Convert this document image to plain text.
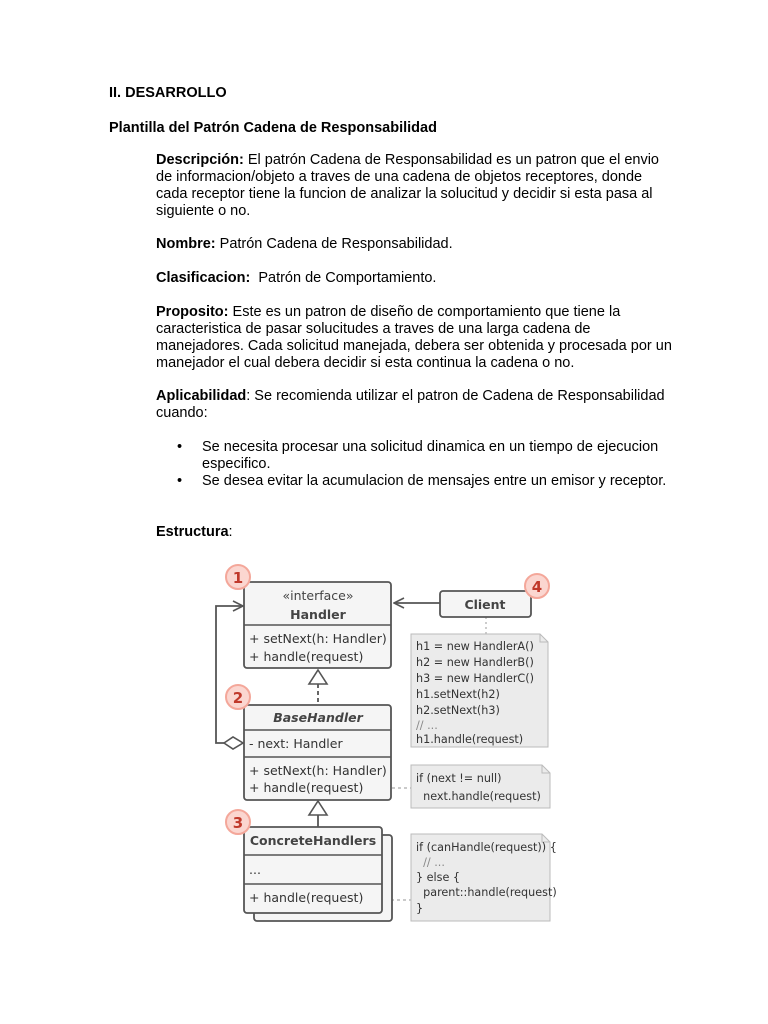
II. DESARROLLO
Plantilla del Patrón Cadena de Responsabilidad
Descripción: El patrón Cadena de Responsabilidad es un patron que el envio de informacion/objeto a traves de una cadena de objetos receptores, donde cada receptor tiene la funcion de analizar la solucitud y decidir si esta pasa al siguiente o no.
Nombre: Patrón Cadena de Responsabilidad.
Clasificacion:  Patrón de Comportamiento.
Proposito: Este es un patron de diseño de comportamiento que tiene la caracteristica de pasar solucitudes a traves de una larga cadena de manejadores. Cada solicitud manejada, debera ser obtenida y procesada por un manejador el cual debera decidir si esta continua la cadena o no.
Aplicabilidad: Se recomienda utilizar el patron de Cadena de Responsabilidad cuando:
• Se necesita procesar una solicitud dinamica en un tiempo de ejecucion especifico.
• Se desea evitar la acumulacion de mensajes entre un emisor y receptor.
Estructura:
«interface»
Handler
+ setNext(h: Handler)
+ handle(request)
BaseHandler
- next: Handler
+ setNext(h: Handler)
+ handle(request)
ConcreteHandlers
...
+ handle(request)
Client
h1 = new HandlerA()
h2 = new HandlerB()
h3 = new HandlerC()
h1.setNext(h2)
h2.setNext(h3)
// ...
h1.handle(request)
if (next != null)
next.handle(request)
if (canHandle(request)) {
// ...
} else {
parent::handle(request)
}
1
2
3
4
